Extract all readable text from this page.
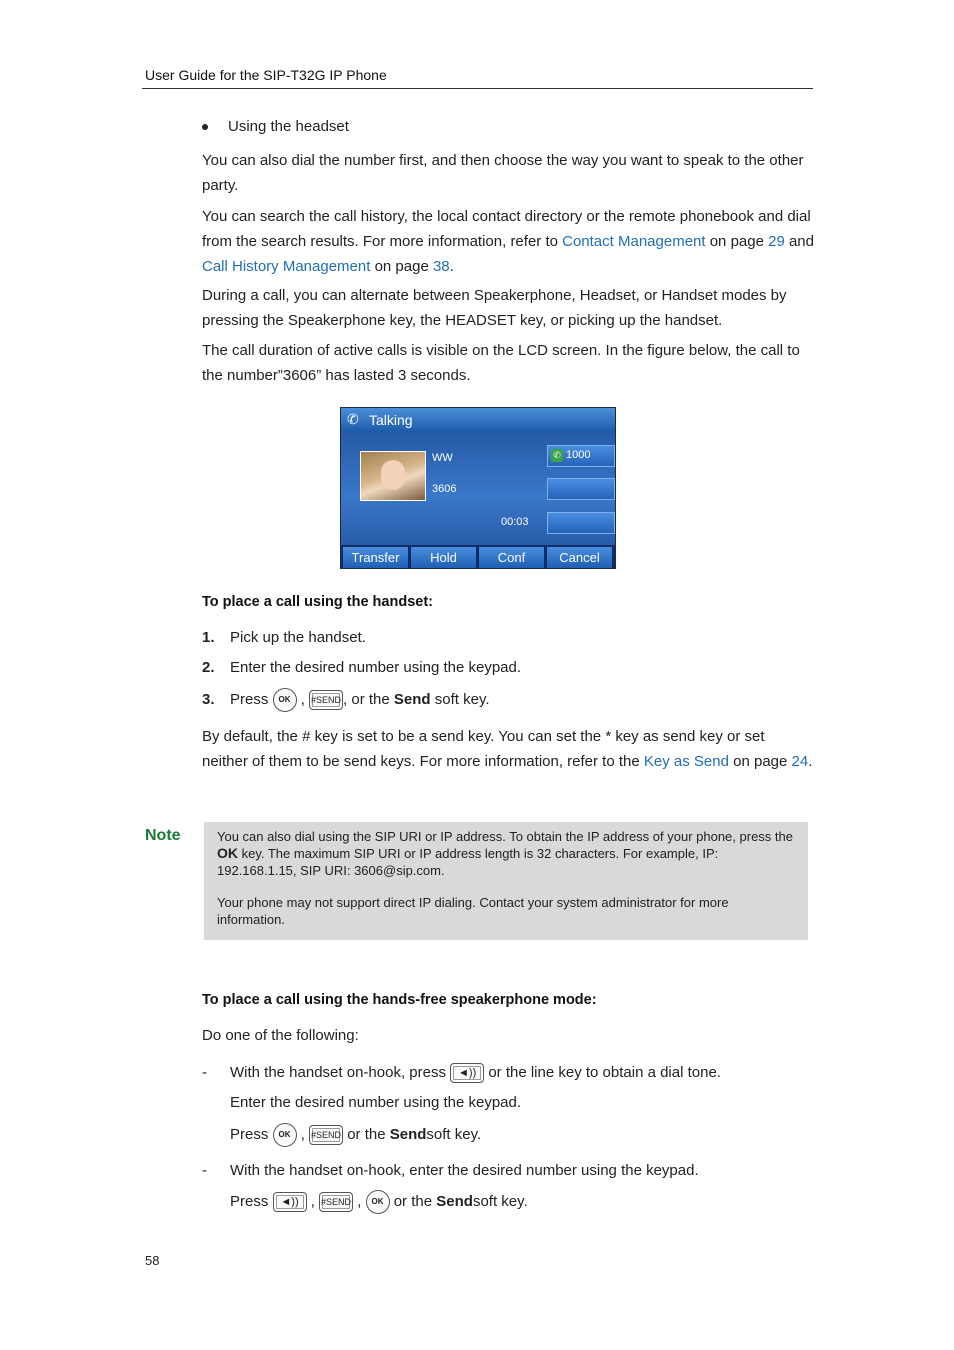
User Guide for the SIP-T32G IP Phone
Using the headset
You can also dial the number first, and then choose the way you want to speak to the other party.
You can search the call history, the local contact directory or the remote phonebook and dial from the search results. For more information, refer to Contact Management on page 29 and Call History Management on page 38.
During a call, you can alternate between Speakerphone, Headset, or Handset modes by pressing the Speakerphone key, the HEADSET key, or picking up the handset.
The call duration of active calls is visible on the LCD screen. In the figure below, the call to the number”3606” has lasted 3 seconds.
✆ Talking
WW
3606
00:03
✆ 1000
Transfer	Hold	Conf	Cancel
To place a call using the handset:
1. Pick up the handset.
2. Enter the desired number using the keypad.
3. Press OK , #SEND , or the Send soft key.
By default, the # key is set to be a send key. You can set the * key as send key or set neither of them to be send keys. For more information, refer to the Key as Send on page 24.
Note	You can also dial using the SIP URI or IP address. To obtain the IP address of your phone, press the OK key. The maximum SIP URI or IP address length is 32 characters. For example, IP: 192.168.1.15, SIP URI: 3606@sip.com.
Your phone may not support direct IP dialing. Contact your system administrator for more information.
To place a call using the hands-free speakerphone mode:
Do one of the following:
- With the handset on-hook, press ◄)) or the line key to obtain a dial tone.
Enter the desired number using the keypad.
Press OK , #SEND or the Sendsoft key.
- With the handset on-hook, enter the desired number using the keypad.
Press ◄)) , #SEND , OK or the Sendsoft key.
58
